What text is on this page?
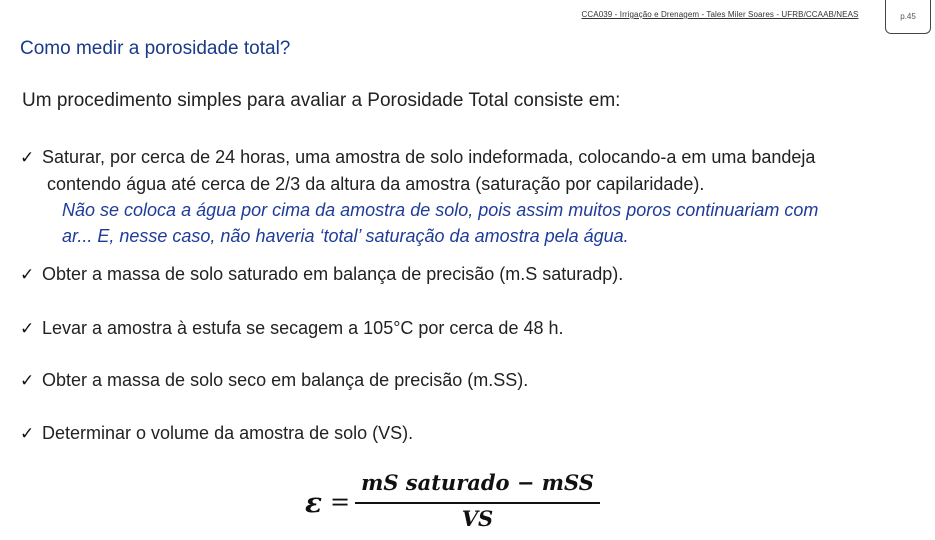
CCA039 - Irrigação e Drenagem - Tales Miler Soares - UFRB/CCAAB/NEAS	p.45
Como medir a porosidade total?
Um procedimento simples para avaliar a Porosidade Total consiste em:
✓ Saturar, por cerca de 24 horas, uma amostra de solo indeformada, colocando-a em uma bandeja
contendo água até cerca de 2/3 da altura da amostra (saturação por capilaridade).
Não se coloca a água por cima da amostra de solo, pois assim muitos poros continuariam com
ar... E, nesse caso, não haveria ‘total’ saturação da amostra pela água.
✓ Obter a massa de solo saturado em balança de precisão (m.S saturadp).
✓ Levar a amostra à estufa se secagem a 105°C por cerca de 48 h.
✓ Obter a massa de solo seco em balança de precisão (m.SS).
✓ Determinar o volume da amostra de solo (VS).
ε =
mS saturado − mSS
VS
